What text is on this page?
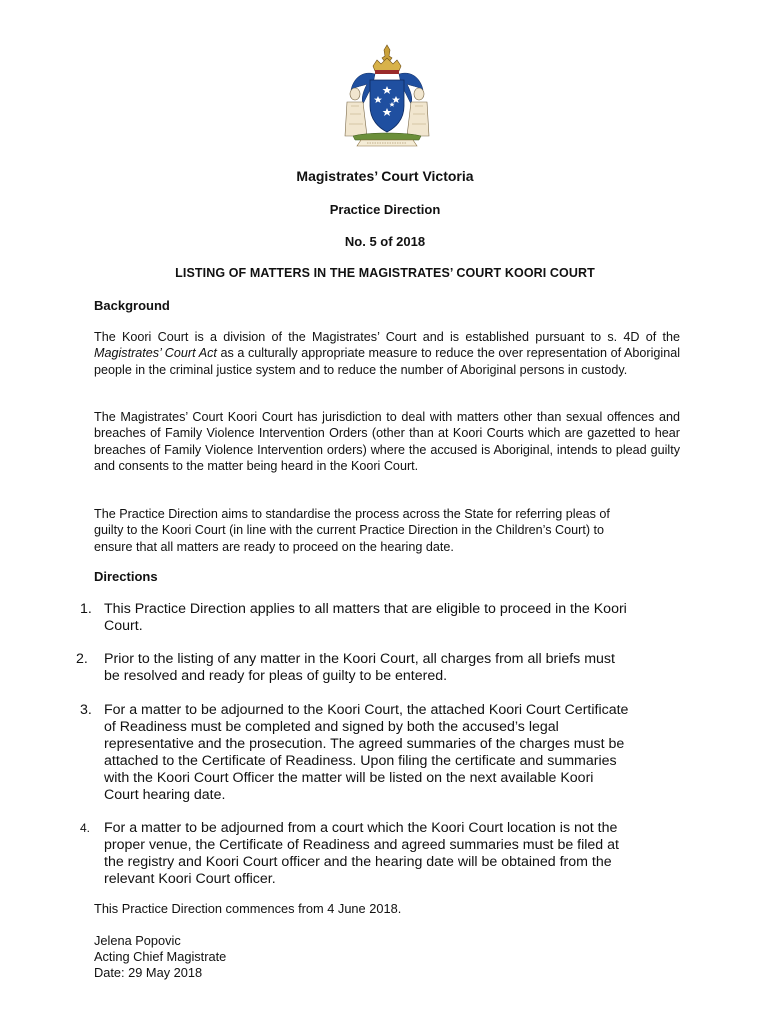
Magistrates’ Court Victoria
Practice Direction
No. 5 of 2018
LISTING OF MATTERS IN THE MAGISTRATES’ COURT KOORI COURT
Background

The Koori Court is a division of the Magistrates’ Court and is established pursuant to s. 4D of the Magistrates’ Court Act as a culturally appropriate measure to reduce the over representation of Aboriginal people in the criminal justice system and to reduce the number of Aboriginal persons in custody.

The Magistrates’ Court Koori Court has jurisdiction to deal with matters other than sexual offences and breaches of Family Violence Intervention Orders (other than at Koori Courts which are gazetted to hear breaches of Family Violence Intervention orders) where the accused is Aboriginal, intends to plead guilty and consents to the matter being heard in the Koori Court.

The Practice Direction aims to standardise the process across the State for referring pleas of
guilty to the Koori Court (in line with the current Practice Direction in the Children’s Court) to
ensure that all matters are ready to proceed on the hearing date.

Directions
1. This Practice Direction applies to all matters that are eligible to proceed in the Koori
Court.
2.	Prior to the listing of any matter in the Koori Court, all charges from all briefs must
be resolved and ready for pleas of guilty to be entered.
3. For a matter to be adjourned to the Koori Court, the attached Koori Court Certificate
of Readiness must be completed and signed by both the accused’s legal
representative and the prosecution. The agreed summaries of the charges must be
attached to the Certificate of Readiness. Upon filing the certificate and summaries
with the Koori Court Officer the matter will be listed on the next available Koori
Court hearing date.
4. For a matter to be adjourned from a court which the Koori Court location is not the
proper venue, the Certificate of Readiness and agreed summaries must be filed at
the registry and Koori Court officer and the hearing date will be obtained from the
relevant Koori Court officer.
This Practice Direction commences from 4 June 2018.
Jelena Popovic
Acting Chief Magistrate
Date: 29 May 2018
